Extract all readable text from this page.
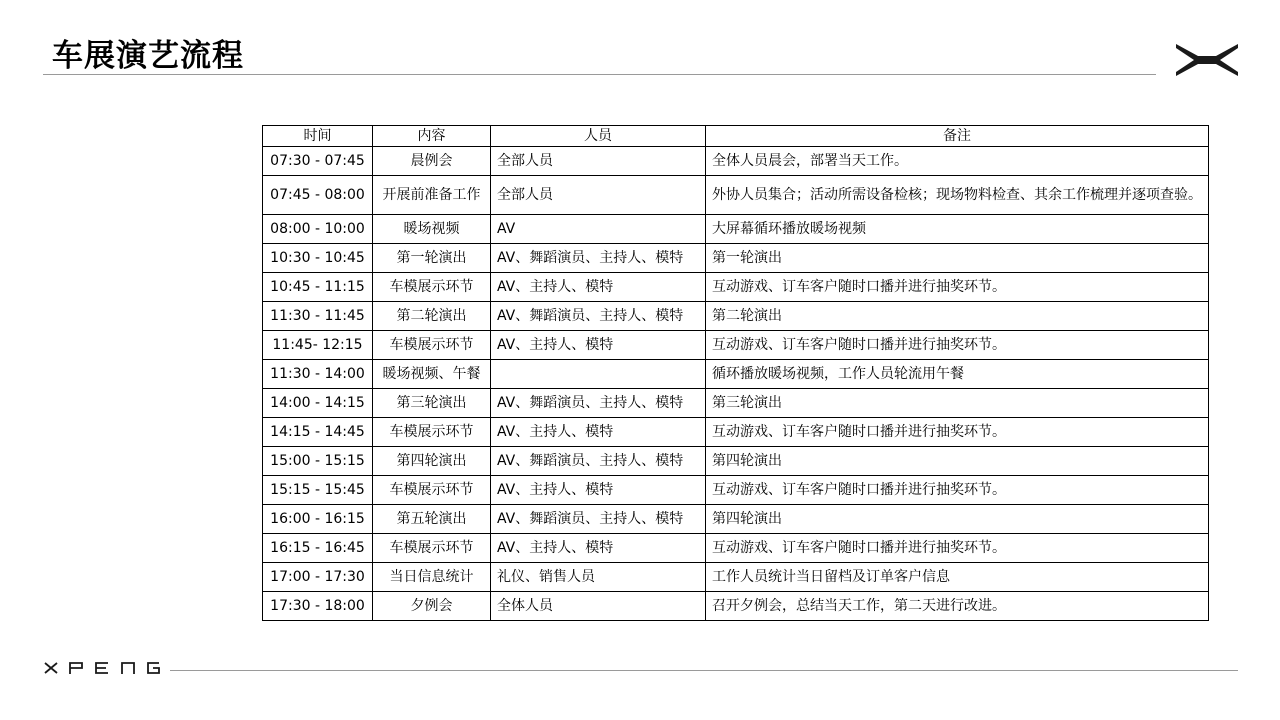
车展演艺流程
时间	内容	人员	备注
07:30 - 07:45	晨例会	全部人员	全体人员晨会，部署当天工作。
07:45 - 08:00	开展前准备工作	全部人员	外协人员集合；活动所需设备检核；现场物料检查、其余工作梳理并逐项查验。
08:00 - 10:00	暖场视频	AV	大屏幕循环播放暖场视频
10:30 - 10:45	第一轮演出	AV、舞蹈演员、主持人、模特	第一轮演出
10:45 - 11:15	车模展示环节	AV、主持人、模特	互动游戏、订车客户随时口播并进行抽奖环节。
11:30 - 11:45	第二轮演出	AV、舞蹈演员、主持人、模特	第二轮演出
11:45- 12:15	车模展示环节	AV、主持人、模特	互动游戏、订车客户随时口播并进行抽奖环节。
11:30 - 14:00	暖场视频、午餐		循环播放暖场视频，工作人员轮流用午餐
14:00 - 14:15	第三轮演出	AV、舞蹈演员、主持人、模特	第三轮演出
14:15 - 14:45	车模展示环节	AV、主持人、模特	互动游戏、订车客户随时口播并进行抽奖环节。
15:00 - 15:15	第四轮演出	AV、舞蹈演员、主持人、模特	第四轮演出
15:15 - 15:45	车模展示环节	AV、主持人、模特	互动游戏、订车客户随时口播并进行抽奖环节。
16:00 - 16:15	第五轮演出	AV、舞蹈演员、主持人、模特	第四轮演出
16:15 - 16:45	车模展示环节	AV、主持人、模特	互动游戏、订车客户随时口播并进行抽奖环节。
17:00 - 17:30	当日信息统计	礼仪、销售人员	工作人员统计当日留档及订单客户信息
17:30 - 18:00	夕例会	全体人员	召开夕例会，总结当天工作，第二天进行改进。
